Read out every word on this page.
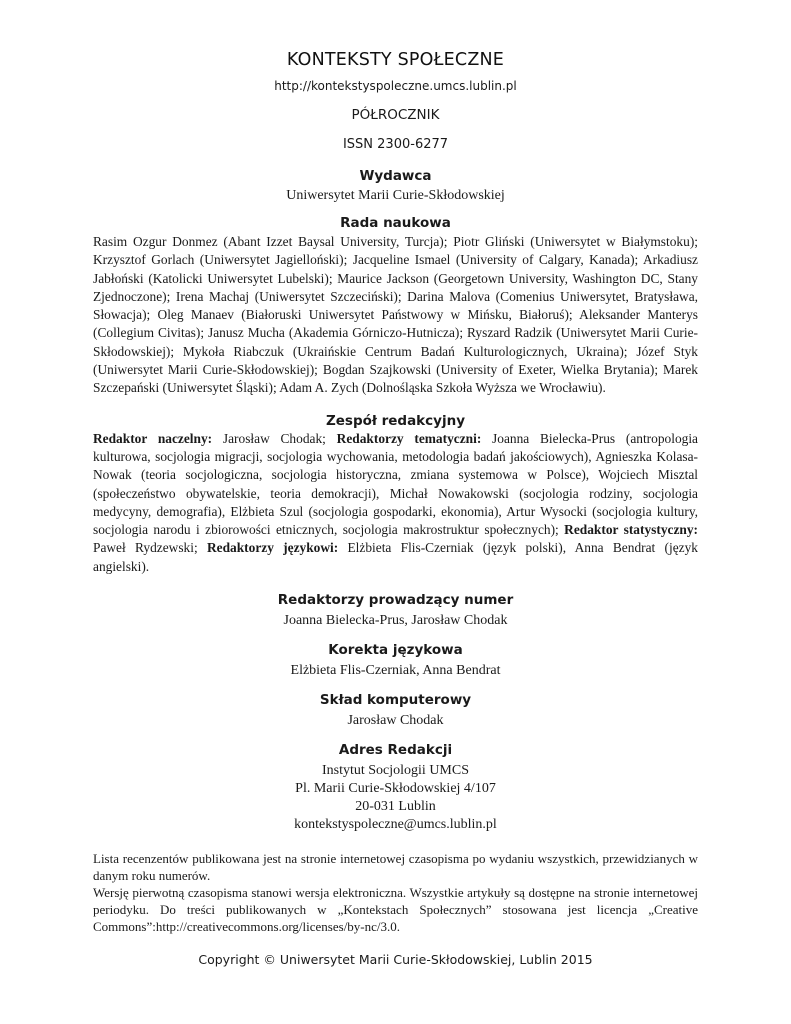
KONTEKSTY SPOŁECZNE
http://kontekstyspoleczne.umcs.lublin.pl
PÓŁROCZNIK
ISSN 2300-6277
Wydawca
Uniwersytet Marii Curie-Skłodowskiej
Rada naukowa

Rasim Ozgur Donmez (Abant Izzet Baysal University, Turcja); Piotr Gliński (Uniwersytet w Białymstoku); Krzysztof Gorlach (Uniwersytet Jagielloński); Jacqueline Ismael (University of Calgary, Kanada); Arkadiusz Jabłoński (Katolicki Uniwersytet Lubelski); Maurice Jackson (Georgetown University, Washington DC, Stany Zjednoczone); Irena Machaj (Uniwersytet Szczeciński); Darina Malova (Comenius Uniwersytet, Bratysława, Słowacja); Oleg Manaev (Białoruski Uniwersytet Państwowy w Mińsku, Białoruś); Aleksander Manterys (Collegium Civitas); Janusz Mucha (Akademia Górniczo-Hutnicza); Ryszard Radzik (Uniwersytet Marii Curie-Skłodowskiej); Mykoła Riabczuk (Ukraińskie Centrum Badań Kulturologicznych, Ukraina); Józef Styk (Uniwersytet Marii Curie-Skłodowskiej); Bogdan Szajkowski (University of Exeter, Wielka Brytania); Marek Szczepański (Uniwersytet Śląski); Adam A. Zych (Dolnośląska Szkoła Wyższa we Wrocławiu).

Zespół redakcyjny

Redaktor naczelny: Jarosław Chodak; Redaktorzy tematyczni: Joanna Bielecka-Prus (antropologia kulturowa, socjologia migracji, socjologia wychowania, metodologia badań jakościowych), Agnieszka Kolasa-Nowak (teoria socjologiczna, socjologia historyczna, zmiana systemowa w Polsce), Wojciech Misztal (społeczeństwo obywatelskie, teoria demokracji), Michał Nowakowski (socjologia rodziny, socjologia medycyny, demografia), Elżbieta Szul (socjologia gospodarki, ekonomia), Artur Wysocki (socjologia kultury, socjologia narodu i zbiorowości etnicznych, socjologia makrostruktur społecznych); Redaktor statystyczny: Paweł Rydzewski; Redaktorzy językowi: Elżbieta Flis-Czerniak (język polski), Anna Bendrat (język angielski).

Redaktorzy prowadzący numer
Joanna Bielecka-Prus, Jarosław Chodak
Korekta językowa
Elżbieta Flis-Czerniak, Anna Bendrat
Skład komputerowy
Jarosław Chodak
Adres Redakcji
Instytut Socjologii UMCS
Pl. Marii Curie-Skłodowskiej 4/107
20-031 Lublin
kontekstyspoleczne@umcs.lublin.pl

Lista recenzentów publikowana jest na stronie internetowej czasopisma po wydaniu wszystkich, przewidzianych w danym roku numerów.

Wersję pierwotną czasopisma stanowi wersja elektroniczna. Wszystkie artykuły są dostępne na stronie internetowej periodyku. Do treści publikowanych w „Kontekstach Społecznych” stosowana jest licencja „Creative Commons”:http://creativecommons.org/licenses/by-nc/3.0.

Copyright © Uniwersytet Marii Curie-Skłodowskiej, Lublin 2015
